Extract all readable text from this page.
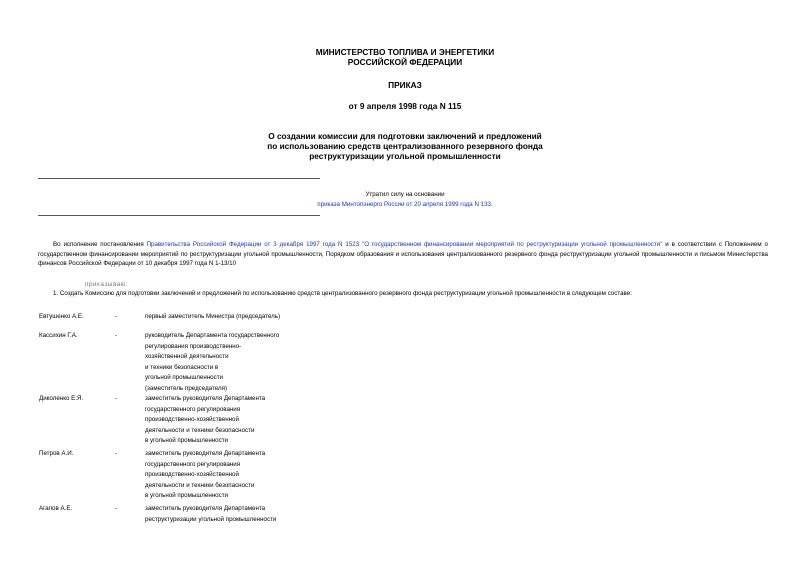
МИНИСТЕРСТВО ТОПЛИВА И ЭНЕРГЕТИКИ
РОССИЙСКОЙ ФЕДЕРАЦИИ
ПРИКАЗ
от 9 апреля 1998 года N 115
О создании комиссии для подготовки заключений и предложений
по использованию средств централизованного резервного фонда
реструктуризации угольной промышленности
Утратил силу на основании
приказа Минтопэнерго России от 20 апреля 1999 года N 133.
Во исполнение постановления Правительства Российской Федерации от 3 декабря 1997 года N 1523 "О государственном финансировании мероприятий по реструктуризации угольной промышленности" и в соответствии с Положением о государственном финансировании мероприятий по реструктуризации угольной промышленности, Порядком образования и использования централизованного резервного фонда реструктуризации угольной промышленности и письмом Министерства финансов Российской Федерации от 10 декабря 1997 года N 1-13/10
приказываю:
1. Создать Комиссию для подготовки заключений и предложений по использованию средств централизованного резервного фонда реструктуризации угольной промышленности в следующем составе:
Евтушенко А.Е.	-	первый заместитель Министра (председатель)
Кассихин Г.А.	-	руководитель Департамента государственного
регулирования производственно-
хозяйственной деятельности
и техники безопасности в
угольной промышленности
(заместитель председателя)
Диколенко Е.Я.	-	заместитель руководителя Департамента
государственного регулирования
производственно-хозяйственной
деятельности и техники безопасности
в угольной промышленности
Петров А.И.	-	заместитель руководителя Департамента
государственного регулирования
производственно-хозяйственной
деятельности и техники безопасности
в угольной промышленности
Агапов А.Е.	-	заместитель руководителя Департамента
реструктуризации угольной промышленности
